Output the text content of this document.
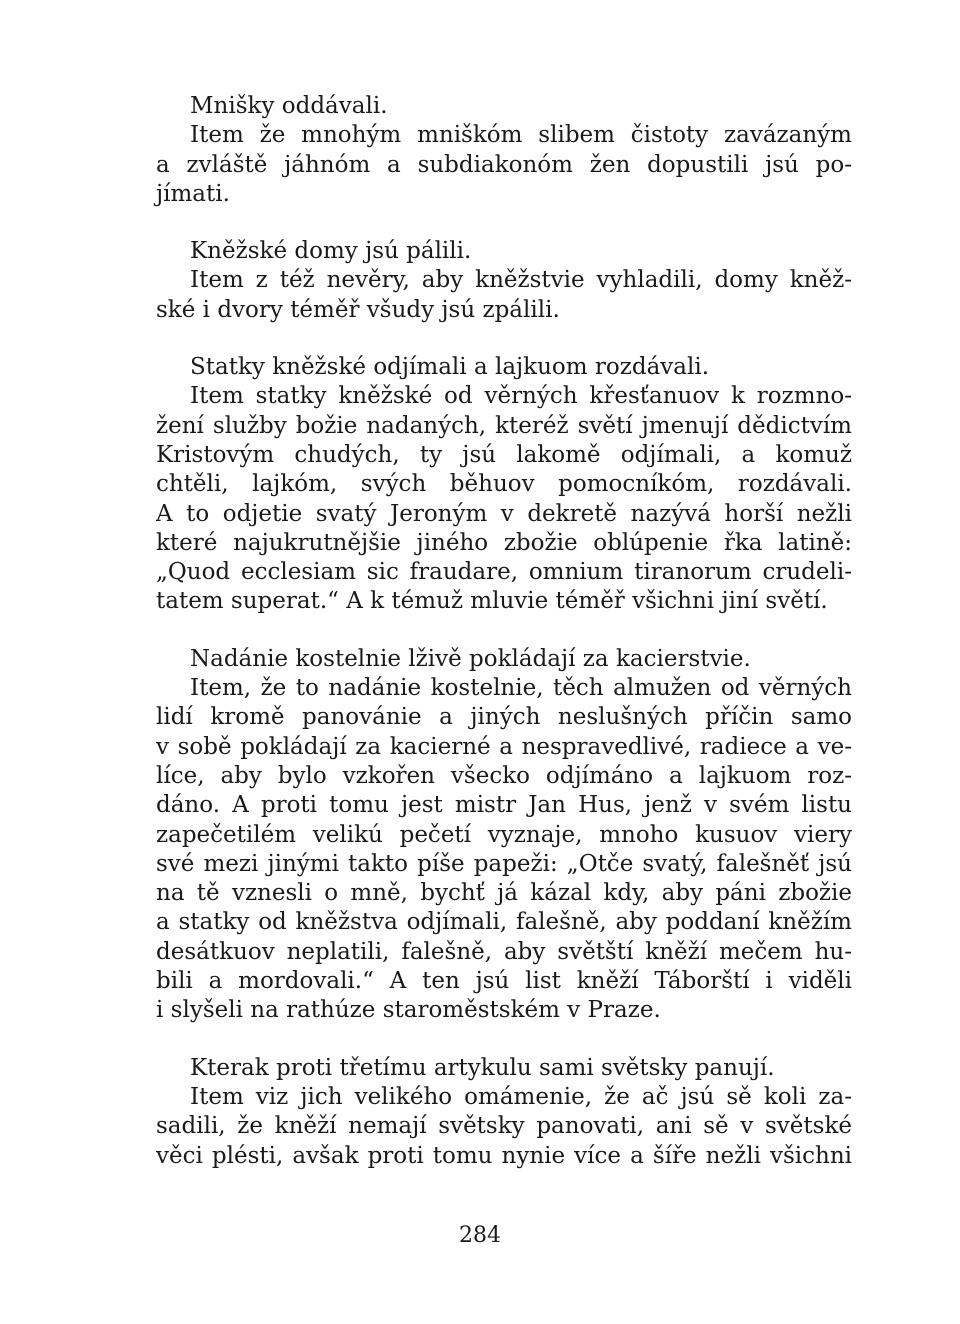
Mnišky oddávali.
Item že mnohým mniškóm slibem čistoty zavázaným
a zvláště jáhnóm a subdiakonóm žen dopustili jsú po-
jímati.
Kněžské domy jsú pálili.
Item z též nevěry, aby kněžstvie vyhladili, domy kněž-
ské i dvory téměř všudy jsú zpálili.
Statky kněžské odjímali a lajkuom rozdávali.
Item statky kněžské od věrných křesťanuov k rozmno-
žení služby božie nadaných, kteréž světí jmenují dědictvím
Kristovým chudých, ty jsú lakomě odjímali, a komuž
chtěli, lajkóm, svých běhuov pomocníkóm, rozdávali.
A to odjetie svatý Jeroným v dekretě nazývá horší nežli
které najukrutnějšie jiného zbožie oblúpenie řka latině:
„Quod ecclesiam sic fraudare, omnium tiranorum crudeli-
tatem superat.“ A k témuž mluvie téměř všichni jiní světí.
Nadánie kostelnie lživě pokládají za kacierstvie.
Item, že to nadánie kostelnie, těch almužen od věrných
lidí kromě panovánie a jiných neslušných příčin samo
v sobě pokládají za kacierné a nespravedlivé, radiece a ve-
líce, aby bylo vzkořen všecko odjímáno a lajkuom roz-
dáno. A proti tomu jest mistr Jan Hus, jenž v svém listu
zapečetilém velikú pečetí vyznaje, mnoho kusuov viery
své mezi jinými takto píše papeži: „Otče svatý, falešněť jsú
na tě vznesli o mně, bychť já kázal kdy, aby páni zbožie
a statky od kněžstva odjímali, falešně, aby poddaní kněžím
desátkuov neplatili, falešně, aby světští kněží mečem hu-
bili a mordovali.“ A ten jsú list kněží Táborští i viděli
i slyšeli na rathúze staroměstském v Praze.
Kterak proti třetímu artykulu sami světsky panují.
Item viz jich velikého omámenie, že ač jsú sě koli za-
sadili, že kněží nemají světsky panovati, ani sě v světské
věci plésti, avšak proti tomu nynie více a šíře nežli všichni
284
